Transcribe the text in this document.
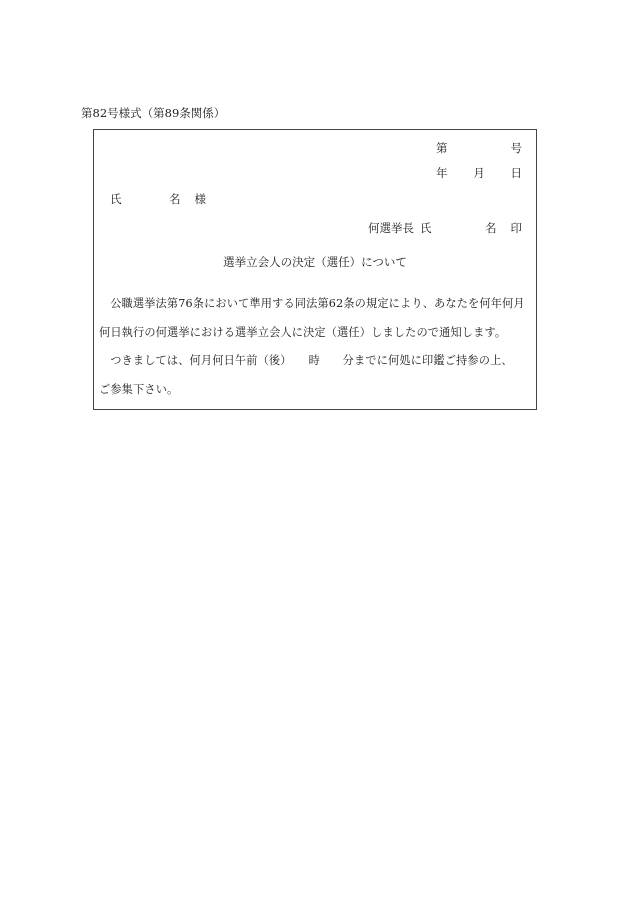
第82号様式（第89条関係）
第	号
年 月 日
氏	名 様
何選挙長 氏	名 印
選挙立会人の決定（選任）について

公職選挙法第76条において準用する同法第62条の規定により、あなたを何年何月

何日執行の何選挙における選挙立会人に決定（選任）しましたので通知します。

つきましては、何月何日午前（後）　　時　　分までに何処に印鑑ご持参の上、

ご参集下さい。
